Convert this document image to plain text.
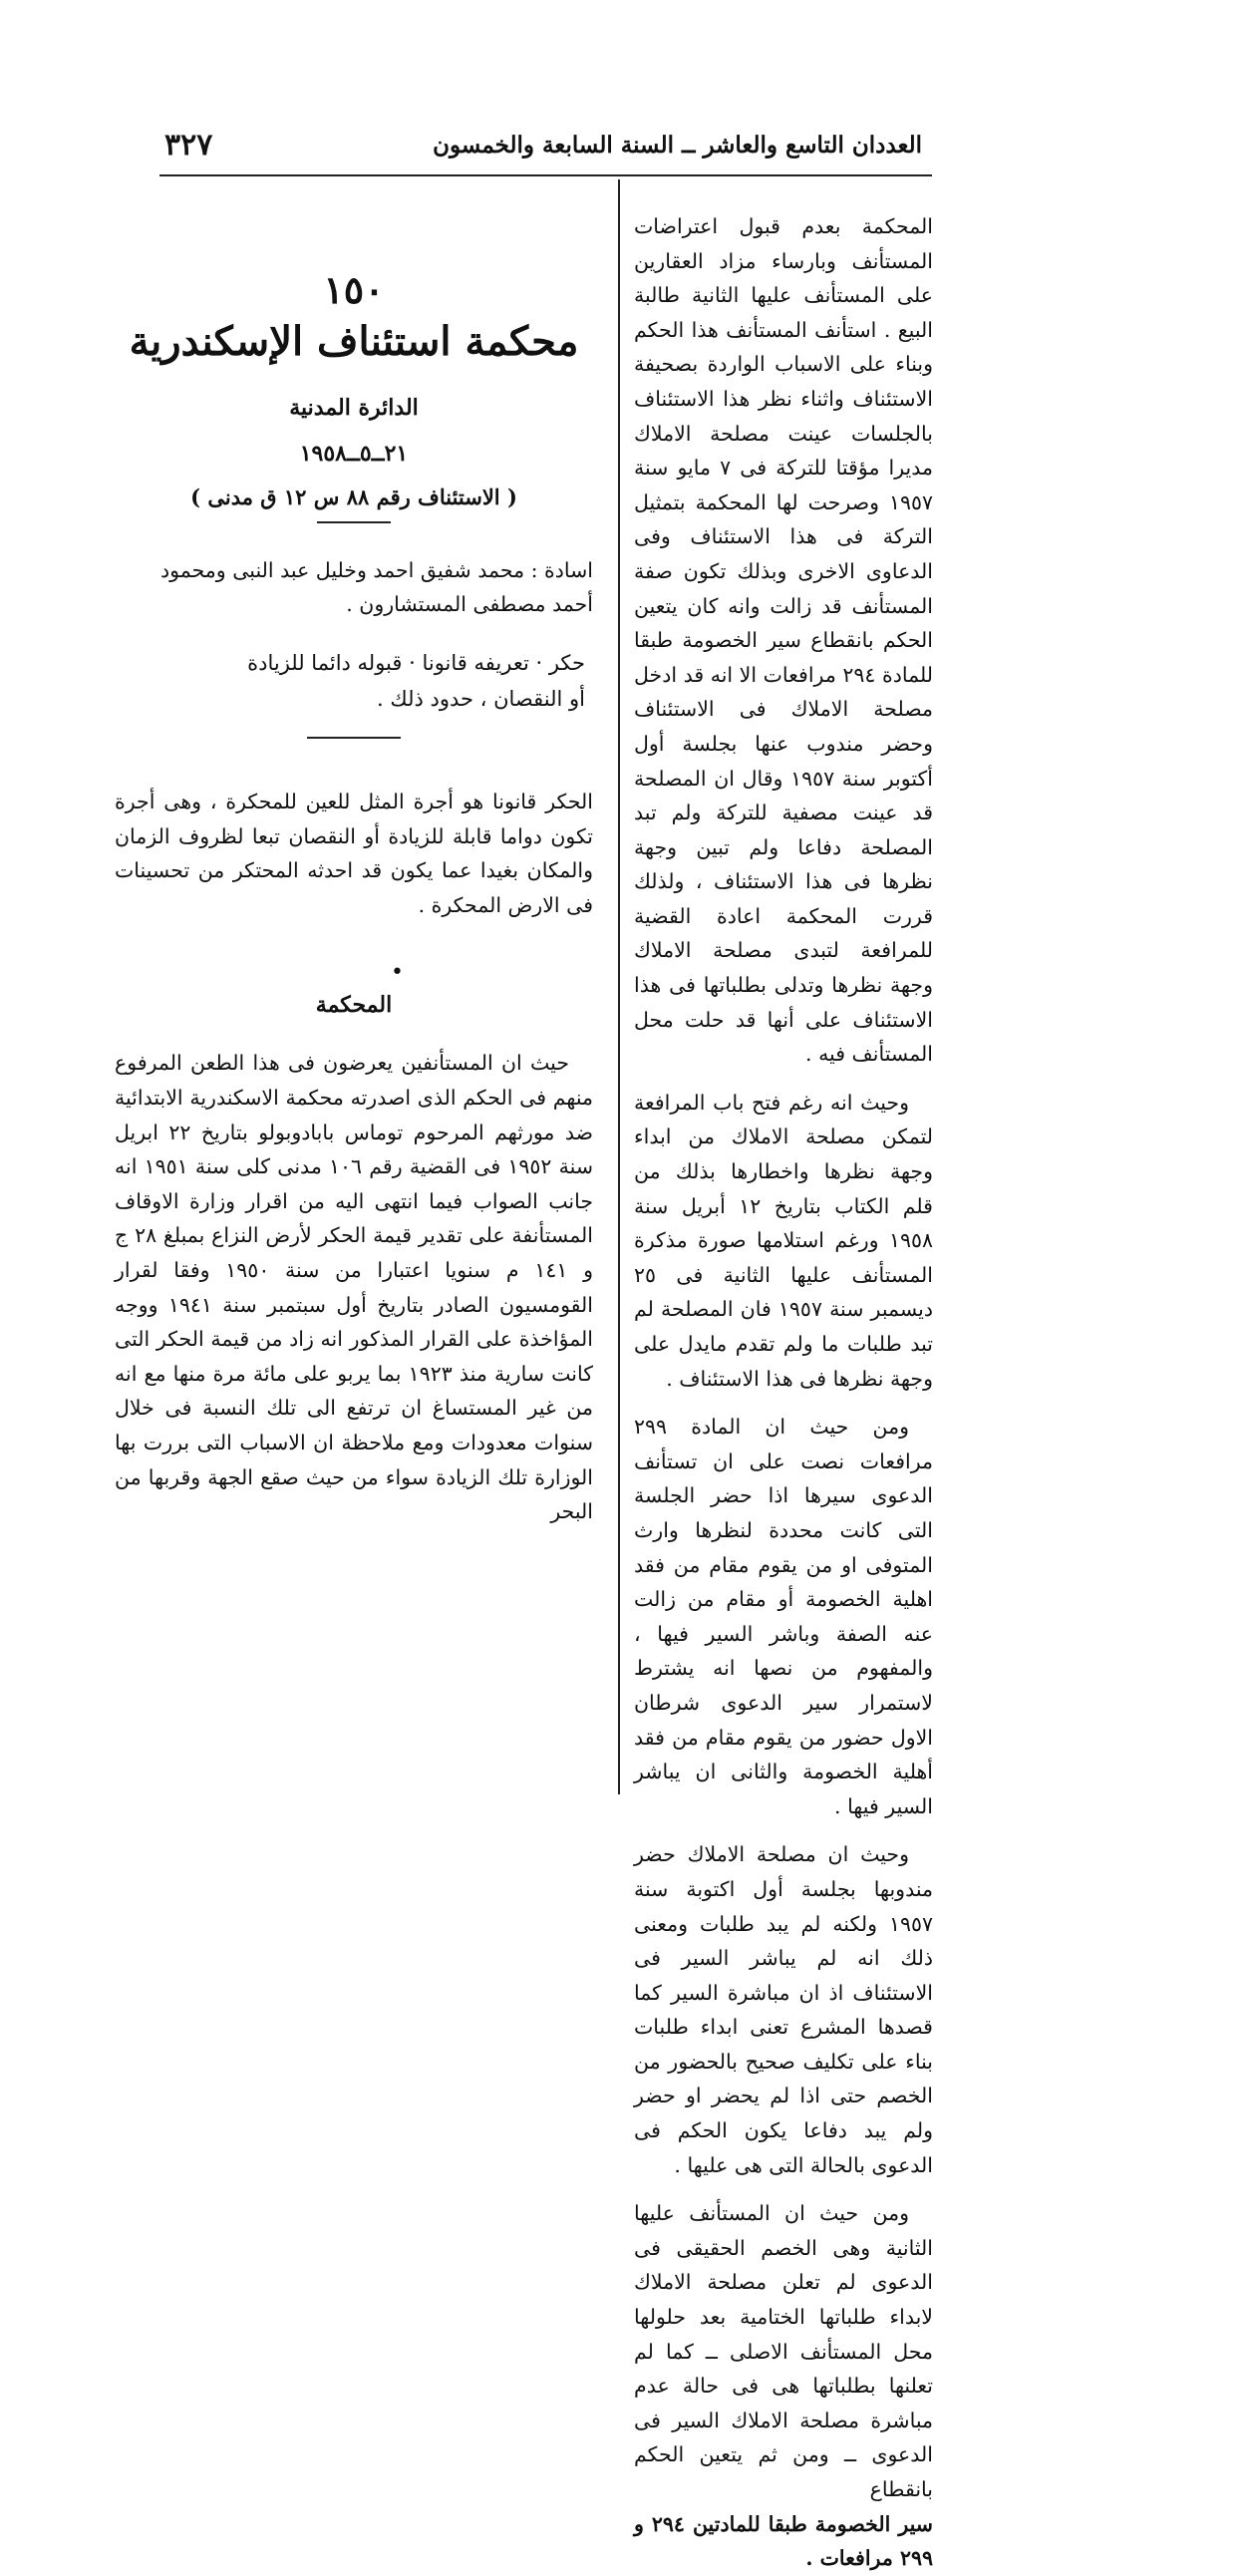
العددان التاسع والعاشر ــ السنة السابعة والخمسون
٣٢٧

المحكمة بعدم قبول اعتراضات المستأنف وبارساء مزاد العقارين على المستأنف عليها الثانية طالبة البيع . استأنف المستأنف هذا الحكم وبناء على الاسباب الواردة بصحيفة الاستئناف واثناء نظر هذا الاستئناف بالجلسات عينت مصلحة الاملاك مديرا مؤقتا للتركة فى ٧ مايو سنة ١٩٥٧ وصرحت لها المحكمة بتمثيل التركة فى هذا الاستئناف وفى الدعاوى الاخرى وبذلك تكون صفة المستأنف قد زالت وانه كان يتعين الحكم بانقطاع سير الخصومة طبقا للمادة ٢٩٤ مرافعات الا انه قد ادخل مصلحة الاملاك فى الاستئناف وحضر مندوب عنها بجلسة أول أكتوبر سنة ١٩٥٧ وقال ان المصلحة قد عينت مصفية للتركة ولم تبد المصلحة دفاعا ولم تبين وجهة نظرها فى هذا الاستئناف ، ولذلك قررت المحكمة اعادة القضية للمرافعة لتبدى مصلحة الاملاك وجهة نظرها وتدلى بطلباتها فى هذا الاستئناف على أنها قد حلت محل المستأنف فيه .

وحيث انه رغم فتح باب المرافعة لتمكن مصلحة الاملاك من ابداء وجهة نظرها واخطارها بذلك من قلم الكتاب بتاريخ ١٢ أبريل سنة ١٩٥٨ ورغم استلامها صورة مذكرة المستأنف عليها الثانية فى ٢٥ ديسمبر سنة ١٩٥٧ فان المصلحة لم تبد طلبات ما ولم تقدم مايدل على وجهة نظرها فى هذا الاستئناف .

ومن حيث ان المادة ٢٩٩ مرافعات نصت على ان تستأنف الدعوى سيرها اذا حضر الجلسة التى كانت محددة لنظرها وارث المتوفى او من يقوم مقام من فقد اهلية الخصومة أو مقام من زالت عنه الصفة وباشر السير فيها ، والمفهوم من نصها انه يشترط لاستمرار سير الدعوى شرطان الاول حضور من يقوم مقام من فقد أهلية الخصومة والثانى ان يباشر السير فيها .

وحيث ان مصلحة الاملاك حضر مندوبها بجلسة أول اكتوبة سنة ١٩٥٧ ولكنه لم يبد طلبات ومعنى ذلك انه لم يباشر السير فى الاستئناف اذ ان مباشرة السير كما قصدها المشرع تعنى ابداء طلبات بناء على تكليف صحيح بالحضور من الخصم حتى اذا لم يحضر او حضر ولم يبد دفاعا يكون الحكم فى الدعوى بالحالة التى هى عليها .

ومن حيث ان المستأنف عليها الثانية وهى الخصم الحقيقى فى الدعوى لم تعلن مصلحة الاملاك لابداء طلباتها الختامية بعد حلولها محل المستأنف الاصلى ــ كما لم تعلنها بطلباتها هى فى حالة عدم مباشرة مصلحة الاملاك السير فى الدعوى ــ ومن ثم يتعين الحكم بانقطاع

سير الخصومة طبقا للمادتين ٢٩٤ و ٢٩٩ مرافعات .

١٥٠
محكمة استئناف الإسكندرية
الدائرة المدنية
٢١ــ٥ــ١٩٥٨
( الاستئناف رقم ٨٨ س ١٢ ق مدنى )

اسادة : محمد شفيق احمد وخليل عبد النبى ومحمود أحمد مصطفى المستشارون .

حكر · تعريفه قانونا · قبوله دائما للزيادة
أو النقصان ، حدود ذلك .

الحكر قانونا هو أجرة المثل للعين للمحكرة ، وهى أجرة تكون دواما قابلة للزيادة أو النقصان تبعا لظروف الزمان والمكان بغيدا عما يكون قد احدثه المحتكر من تحسينات فى الارض المحكرة .

•
المحكمة

حيث ان المستأنفين يعرضون فى هذا الطعن المرفوع منهم فى الحكم الذى اصدرته محكمة الاسكندرية الابتدائية ضد مورثهم المرحوم توماس بابادوبولو بتاريخ ٢٢ ابريل سنة ١٩٥٢ فى القضية رقم ١٠٦ مدنى كلى سنة ١٩٥١ انه جانب الصواب فيما انتهى اليه من اقرار وزارة الاوقاف المستأنفة على تقدير قيمة الحكر لأرض النزاع بمبلغ ٢٨ ج و ١٤١ م سنويا اعتبارا من سنة ١٩٥٠ وفقا لقرار القومسيون الصادر بتاريخ أول سبتمبر سنة ١٩٤١ ووجه المؤاخذة على القرار المذكور انه زاد من قيمة الحكر التى كانت سارية منذ ١٩٢٣ بما يربو على مائة مرة منها مع انه من غير المستساغ ان ترتفع الى تلك النسبة فى خلال سنوات معدودات ومع ملاحظة ان الاسباب التى بررت بها الوزارة تلك الزيادة سواء من حيث صقع الجهة وقربها من البحر
